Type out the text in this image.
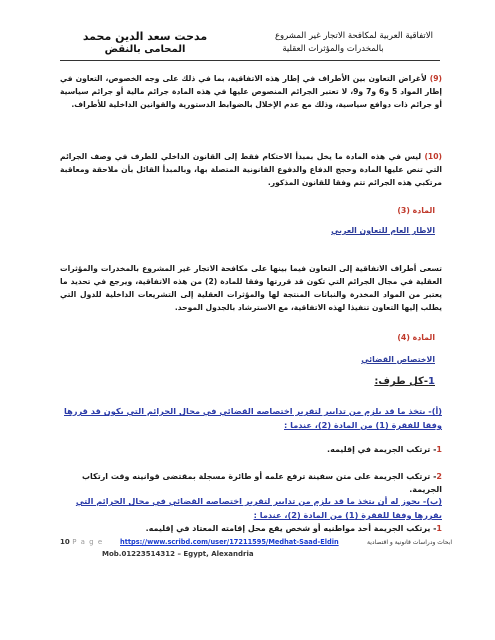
مدحت سعد الدين محمد
المحامى بالنقض
الاتفاقية العربية لمكافحة الاتجار غير المشروع
بالمخدرات والمؤثرات العقلية
(9) لأغراض التعاون بين الأطراف في إطار هذه الاتفاقية، بما في ذلك على وجه الخصوص، التعاون في إطار المواد 5 و6 و7 و9، لا تعتبر الجرائم المنصوص عليها في هذه المادة جرائم مالية أو جرائم سياسية أو جرائم ذات دوافع سياسية، وذلك مع عدم الإخلال بالضوابط الدستورية والقوانين الداخلية للأطراف.
(10) ليس في هذه المادة ما يخل بمبدأ الاحتكام فقط إلى القانون الداخلي للطرف في وصف الجرائم التي تنص عليها المادة وحجج الدفاع والدفوع القانونية المتصلة بها، وبالمبدأ القائل بأن ملاحقة ومعاقبة مرتكبي هذه الجرائم تتم وفقا للقانون المذكور.
المادة (3)
الاطار العام للتعاون العربي
تسعى أطراف الاتفاقية إلى التعاون فيما بينها على مكافحة الاتجار غير المشروع بالمخدرات والمؤثرات العقلية في مجال الجرائم التي تكون قد قررتها وفقا للمادة (2) من هذه الاتفاقية، ويرجع في تحديد ما يعتبر من المواد المخدرة والنباتات المنتجة لها والمؤثرات العقلية إلى التشريعات الداخلية للدول التي يطلب إليها التعاون تنفيذا لهذه الاتفاقية، مع الاسترشاد بالجدول الموحد.
المادة (4)
الاختصاص القضائي
1-كل طرف:
(أ)- يتخذ ما قد يلزم من تدابير لتقرير اختصاصه القضائي في مجال الجرائم التي يكون قد قررها وفقا للفقرة (1) من المادة (2)، عندما :
1- ترتكب الجريمة في إقليمه.
2- ترتكب الجريمة على متن سفينة ترفع علمه أو طائرة مسجلة بمقتضى قوانينه وقت ارتكاب الجريمة.
(ب)- يجوز له أن يتخذ ما قد يلزم من تدابير لتقرير اختصاصه القضائي في مجال الجرائم التي يقررها وفقا للفقرة (1) من المادة (2)، عندما :
1- يرتكب الجريمة أحد مواطنيه أو شخص يقع محل إقامته المعتاد في إقليمه.
10 P a g e	https://www.scribd.com/user/17211595/Medhat-Saad-Eldin	ابحاث ودراسات قانونية و اقتصادية
Mob.01223514312 – Egypt, Alexandria
